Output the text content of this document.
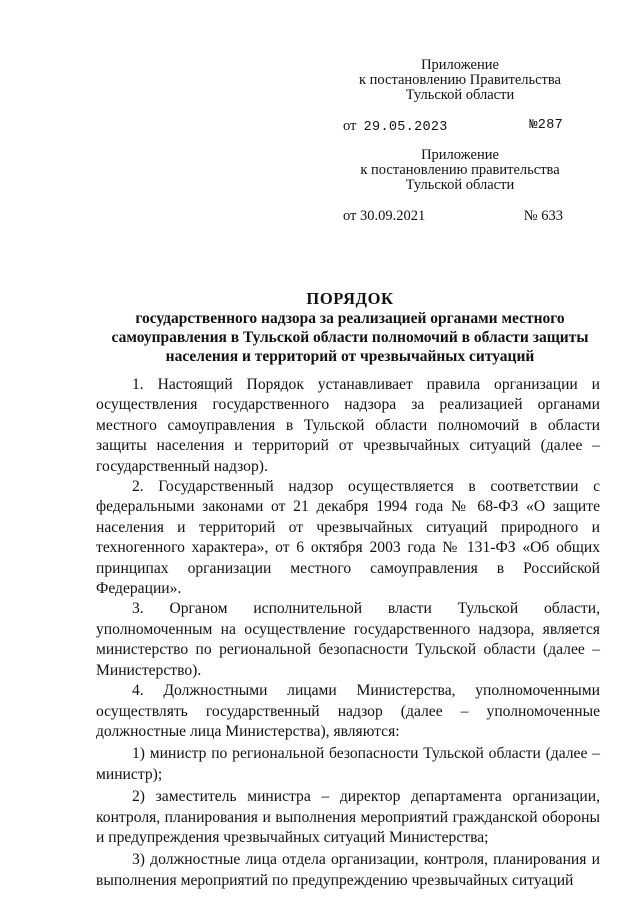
Приложение
к постановлению Правительства
Тульской области
от 29.05.2023	№287
Приложение
к постановлению правительства
Тульской области
от 30.09.2021	№ 633
ПОРЯДОК
государственного надзора за реализацией органами местного
самоуправления в Тульской области полномочий в области защиты
населения и территорий от чрезвычайных ситуаций

1. Настоящий Порядок устанавливает правила организации и осуществления государственного надзора за реализацией органами местного самоуправления в Тульской области полномочий в области защиты населения и территорий от чрезвычайных ситуаций (далее – государственный надзор).

2. Государственный надзор осуществляется в соответствии с федеральными законами от 21 декабря 1994 года № 68-ФЗ «О защите населения и территорий от чрезвычайных ситуаций природного и техногенного характера», от 6 октября 2003 года № 131-ФЗ «Об общих принципах организации местного самоуправления в Российской Федерации».

3. Органом исполнительной власти Тульской области, уполномоченным на осуществление государственного надзора, является министерство по региональной безопасности Тульской области (далее – Министерство).

4. Должностными лицами Министерства, уполномоченными осуществлять государственный надзор (далее – уполномоченные должностные лица Министерства), являются:

1) министр по региональной безопасности Тульской области (далее – министр);

2) заместитель министра – директор департамента организации, контроля, планирования и выполнения мероприятий гражданской обороны и предупреждения чрезвычайных ситуаций Министерства;

3) должностные лица отдела организации, контроля, планирования и выполнения мероприятий по предупреждению чрезвычайных ситуаций
